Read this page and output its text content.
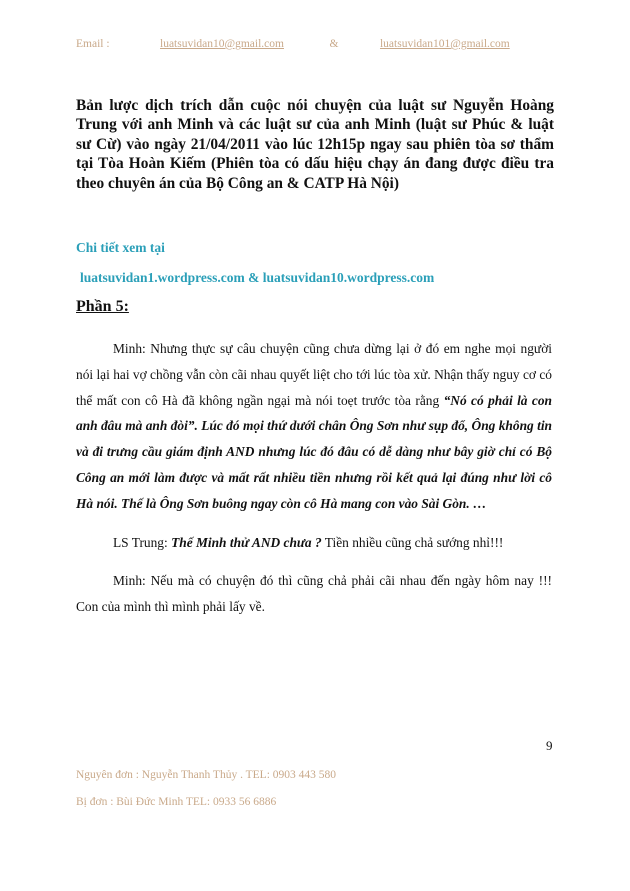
Email :	luatsuvidan10@gmail.com	&	luatsuvidan101@gmail.com
Bản lược dịch trích dẫn cuộc nói chuyện của luật sư Nguyễn Hoàng Trung với anh Minh và các luật sư của anh Minh (luật sư Phúc & luật sư Cừ) vào ngày 21/04/2011 vào lúc 12h15p ngay sau phiên tòa sơ thẩm tại Tòa Hoàn Kiếm (Phiên tòa có dấu hiệu chạy án đang được điều tra theo chuyên án của Bộ Công an & CATP Hà Nội)
Chi tiết xem tại
luatsuvidan1.wordpress.com & luatsuvidan10.wordpress.com
Phần 5:

Minh: Nhưng thực sự câu chuyện cũng chưa dừng lại ở đó em nghe mọi người nói lại hai vợ chồng vẫn còn cãi nhau quyết liệt cho tới lúc tòa xử. Nhận thấy nguy cơ có thể mất con cô Hà đã không ngần ngại mà nói toẹt trước tòa rằng “Nó có phải là con anh đâu mà anh đòi”. Lúc đó mọi thứ dưới chân Ông Sơn như sụp đổ, Ông không tin và đi trưng cầu giám định AND nhưng lúc đó đâu có dễ dàng như bây giờ chỉ có Bộ Công an mới làm được và mất rất nhiều tiền nhưng rồi kết quả lại đúng như lời cô Hà nói. Thế là Ông Sơn buông ngay còn cô Hà mang con vào Sài Gòn. …

LS Trung: Thế Minh thử AND chưa ? Tiền nhiều cũng chả sướng nhỉ!!!

Minh: Nếu mà có chuyện đó thì cũng chả phải cãi nhau đến ngày hôm nay !!! Con của mình thì mình phải lấy về.

9
Nguyên đơn : Nguyễn Thanh Thủy . TEL: 0903 443 580
Bị đơn : Bùi Đức Minh TEL: 0933 56 6886
